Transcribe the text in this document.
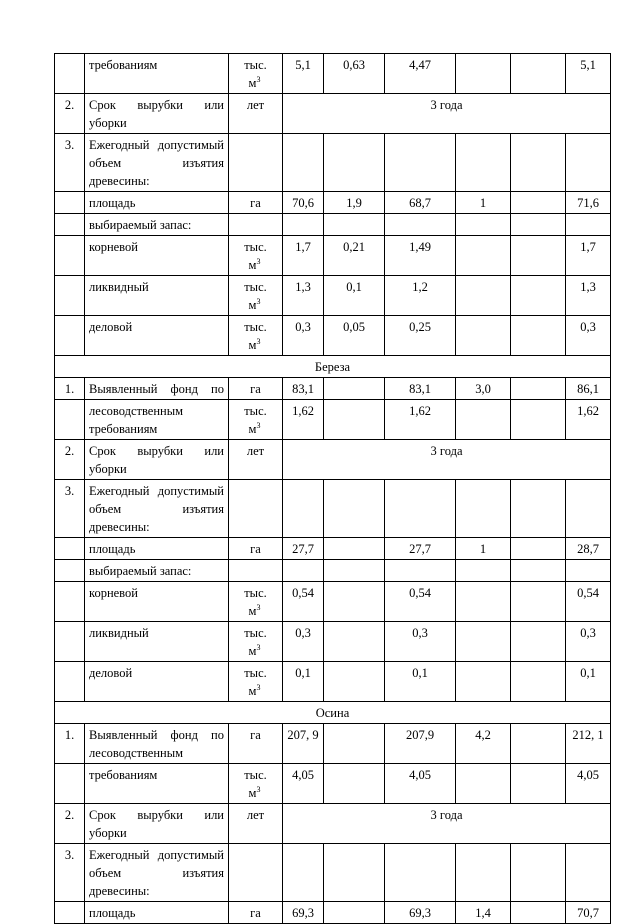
	требованиям	тыс.
$м^3$	5,1	0,63	4,47			5,1
2.	Срок вырубки или уборки	лет	3 года					
3.	Ежегодный допустимый объем изъятия древесины:							
	площадь	га	70,6	1,9	68,7	1		71,6
	выбираемый запас:							
	корневой	тыс.
$м^3$	1,7	0,21	1,49			1,7
	ликвидный	тыс.
$м^3$	1,3	0,1	1,2			1,3
	деловой	тыс.
$м^3$	0,3	0,05	0,25			0,3
Береза								
1.	Выявленный фонд по	га	83,1		83,1	3,0		86,1
	лесоводственным требованиям	тыс.
$м^3$	1,62		1,62			1,62
2.	Срок вырубки или уборки	лет	3 года					
3.	Ежегодный допустимый объем изъятия древесины:							
	площадь	га	27,7		27,7	1		28,7
	выбираемый запас:							
	корневой	тыс.
$м^3$	0,54		0,54			0,54
	ликвидный	тыс.
$м^3$	0,3		0,3			0,3
	деловой	тыс.
$м^3$	0,1		0,1			0,1
Осина								
1.	Выявленный фонд по лесоводственным	га	207, 9		207,9	4,2		212, 1
	требованиям	тыс.
$м^3$	4,05		4,05			4,05
2.	Срок вырубки или уборки	лет	3 года					
3.	Ежегодный допустимый объем изъятия древесины:							
	площадь	га	69,3		69,3	1,4		70,7
